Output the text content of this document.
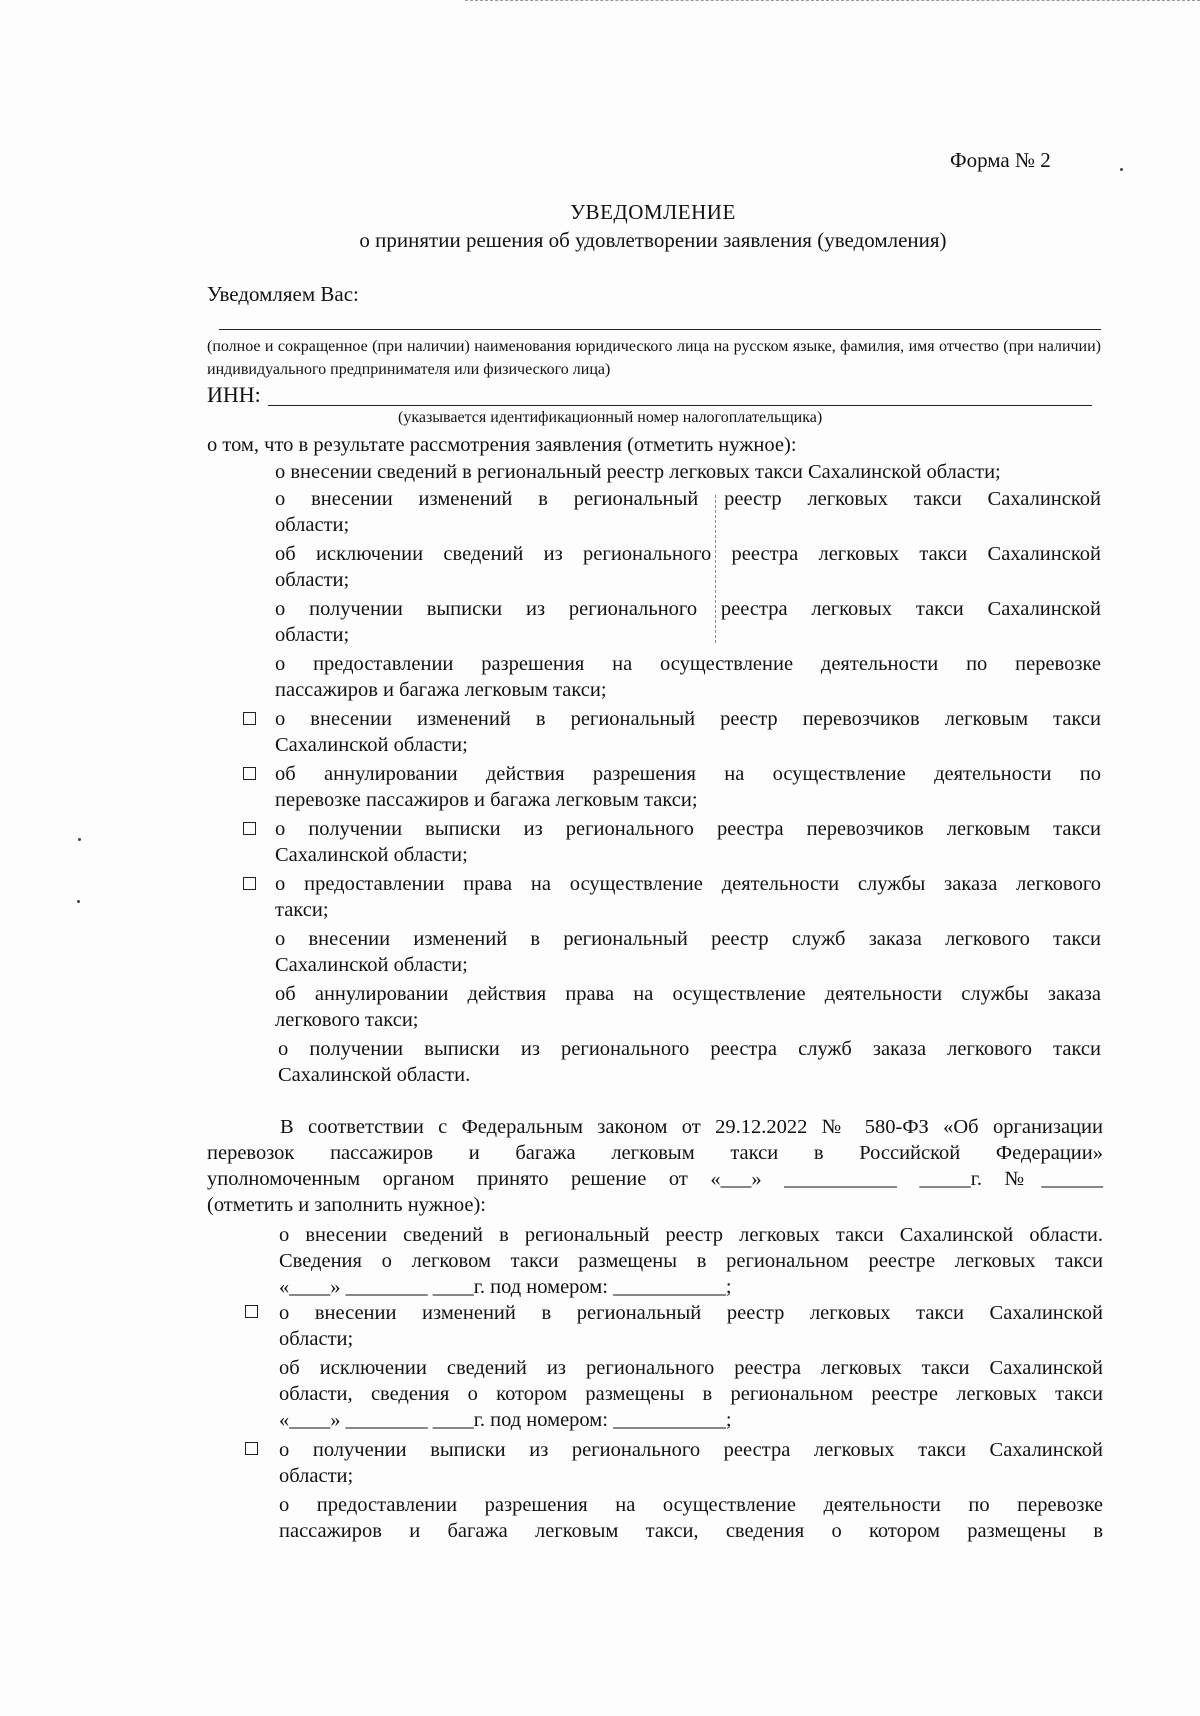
Форма № 2
УВЕДОМЛЕНИЕ
о принятии решения об удовлетворении заявления (уведомления)
Уведомляем Вас:
(полное и сокращенное (при наличии) наименования юридического лица на русском языке, фамилия, имя отчество (при наличии) индивидуального предпринимателя или физического лица)
ИНН:
(указывается идентификационный номер налогоплательщика)
о том, что в результате рассмотрения заявления (отметить нужное):
о внесении сведений в региональный реестр легковых такси Сахалинской области;
о внесении изменений в региональный реестр легковых такси Сахалинской
области;
об исключении сведений из регионального реестра легковых такси Сахалинской
области;
о получении выписки из регионального реестра легковых такси Сахалинской
области;
о предоставлении разрешения на осуществление деятельности по перевозке
пассажиров и багажа легковым такси;
о внесении изменений в региональный реестр перевозчиков легковым такси
Сахалинской области;
об аннулировании действия разрешения на осуществление деятельности по
перевозке пассажиров и багажа легковым такси;
о получении выписки из регионального реестра перевозчиков легковым такси
Сахалинской области;
о предоставлении права на осуществление деятельности службы заказа легкового
такси;
о внесении изменений в региональный реестр служб заказа легкового такси
Сахалинской области;
об аннулировании действия права на осуществление деятельности службы заказа
легкового такси;
о получении выписки из регионального реестра служб заказа легкового такси
Сахалинской области.
В соответствии с Федеральным законом от 29.12.2022 № 580-ФЗ «Об организации
перевозок пассажиров и багажа легковым такси в Российской Федерации»
уполномоченным органом принято решение от «___» ___________ _____г. №______
(отметить и заполнить нужное):
о внесении сведений в региональный реестр легковых такси Сахалинской области.
Сведения о легковом такси размещены в региональном реестре легковых такси
«____» ________ ____г. под номером: ___________;
о внесении изменений в региональный реестр легковых такси Сахалинской
области;
об исключении сведений из регионального реестра легковых такси Сахалинской
области, сведения о котором размещены в региональном реестре легковых такси
«____» ________ ____г. под номером: ___________;
о получении выписки из регионального реестра легковых такси Сахалинской
области;
о предоставлении разрешения на осуществление деятельности по перевозке
пассажиров и багажа легковым такси, сведения о котором размещены в
